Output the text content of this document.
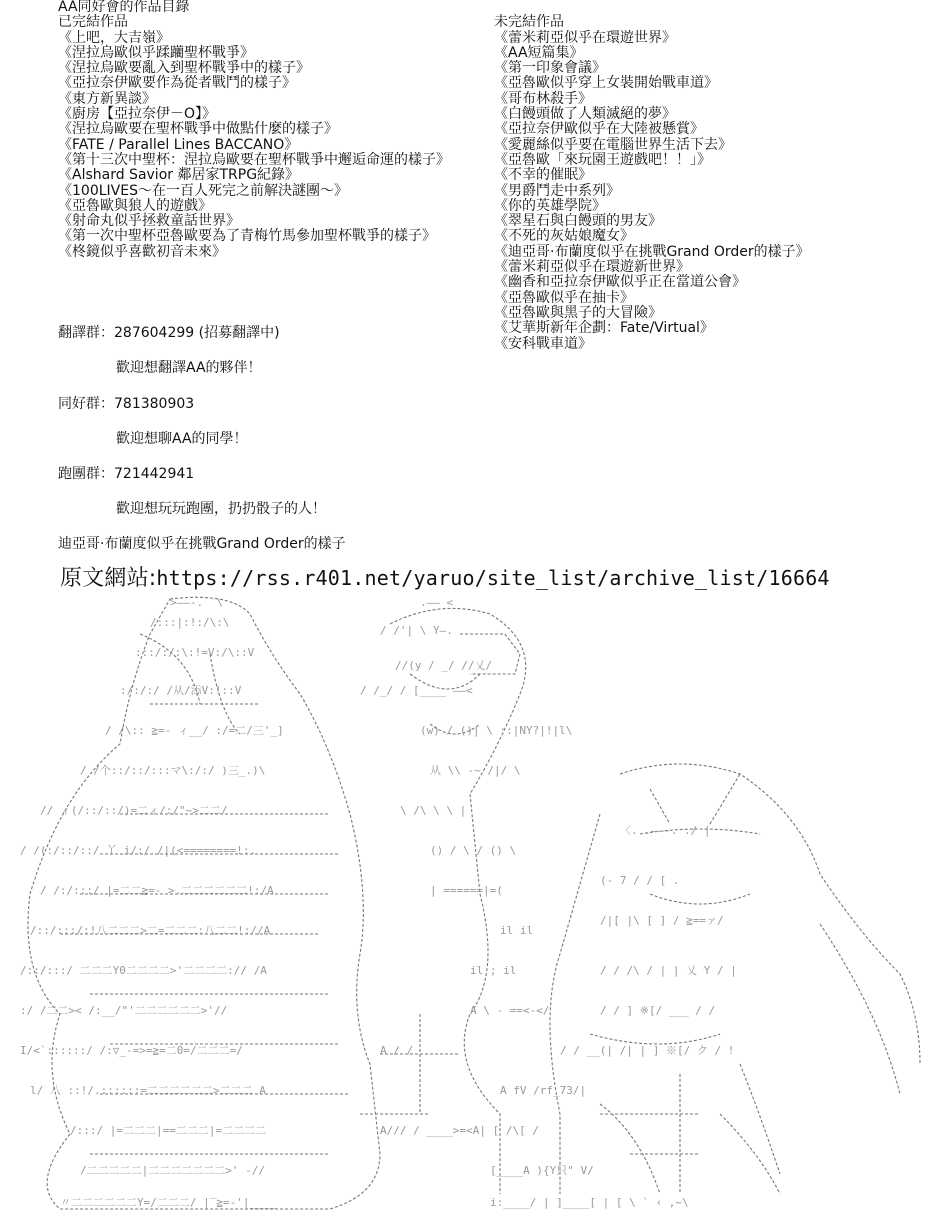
AA同好會的作品目錄
已完結作品
《上吧，大吉嶺》
《涅拉烏歐似乎蹂躪聖杯戰爭》
《涅拉烏歐要亂入到聖杯戰爭中的樣子》
《亞拉奈伊歐要作為從者戰鬥的樣子》
《東方新異談》
《廚房【亞拉奈伊－O】》
《涅拉烏歐要在聖杯戰爭中做點什麼的樣子》
《FATE / Parallel Lines BACCANO》
《第十三次中聖杯：涅拉烏歐要在聖杯戰爭中邂逅命運的樣子》
《Alshard Savior 鄰居家TRPG紀錄》
《100LIVES～在一百人死完之前解決謎團～》
《亞魯歐與狼人的遊戲》
《射命丸似乎拯救童話世界》
《第一次中聖杯亞魯歐要為了青梅竹馬參加聖杯戰爭的樣子》
《柊鏡似乎喜歡初音未來》
未完結作品
《蕾米莉亞似乎在環遊世界》
《AA短篇集》
《第一印象會議》
《亞魯歐似乎穿上女裝開始戰車道》
《哥布林殺手》
《白饅頭做了人類滅絕的夢》
《亞拉奈伊歐似乎在大陸被懸賞》
《愛麗絲似乎要在電腦世界生活下去》
《亞魯歐「來玩園王遊戲吧！！」》
《不幸的催眠》
《男爵鬥走中系列》
《你的英雄學院》
《翠星石與白饅頭的男友》
《不死的灰姑娘魔女》
《迪亞哥·布蘭度似乎在挑戰Grand Order的樣子》
《蕾米莉亞似乎在環遊新世界》
《幽香和亞拉奈伊歐似乎正在當道公會》
《亞魯歐似乎在抽卡》
《亞魯歐與黑子的大冒險》
《艾華斯新年企劃：Fate/Virtual》
《安科戰車道》
翻譯群：287604299 (招募翻譯中)
歡迎想翻譯AA的夥伴！
同好群：781380903
歡迎想聊AA的同學！
跑團群：721442941
歡迎想玩玩跑團，扔扔骰子的人！
迪亞哥·布蘭度似乎在挑戰Grand Order的樣子
原文網站:https://rss.r401.net/yaruo/site_list/archive_list/16664
>——-. `\	.—— <
/:::|:!:/\:\
/ /'| \ Y—.
:::/:/:\:!=V:/\::V
//(y / _/ //乂/
:/:/:/ /从/添V:!::V	/ /_/ / [____ ––<
/ /\:: ≧=- ィ__/ :/=二/三'_]	(w) / ()| \ ::|NY?|!|l\
/ /个::/::/:::マ\:/:/ )三_.)\	从 \\ -~ /|/ \
// ィ(/::/::/)=二ィ/:/"~>二二/	\ /\ \ \ |
/ /(:/::/::/ 丫 i/:/ /|(<========!:.	() / \ / () \
〈. .——-. ./ |
/ /:/:::/ |=二二≧=- >.二二二二二二!:/A	| ======|=(
(‐ 7 / / [ .
/::/:::/:!八二二二>二=二二二:八二二!://A	il il
/|[ |\ [ ] / ≧==ァ/
/::/:::/ 二二二Y0二二二二>'二二二二:// /A	il ; il	/ / /\ / | | 乂 Y / |
:/ /二二>< /:__/"'二二二二二二>'//	A \ - ==<-</	/ / ] ※[/ ___ / /
I/<`::::::/ /:▽_-=>=≧=二0=/二二二=/	A / /	/ / __(| /| | ] ※[/ ク / !
l/ 八 ::!/.::::::=二二二二二二>二二二 A	A fV /rf_73/|
/:::/ |=二二二|==二二二|=二二二二	A/// / ____>=<A| [ /\[ /
/二二二二二|二二二二二二二>' -//	[____A ){Y只" V/
〃二二二二二二Y=/二二二/ |‾≧=-'|____	i:____/ | ]____[ | [ \ ` ‹ ,~\
